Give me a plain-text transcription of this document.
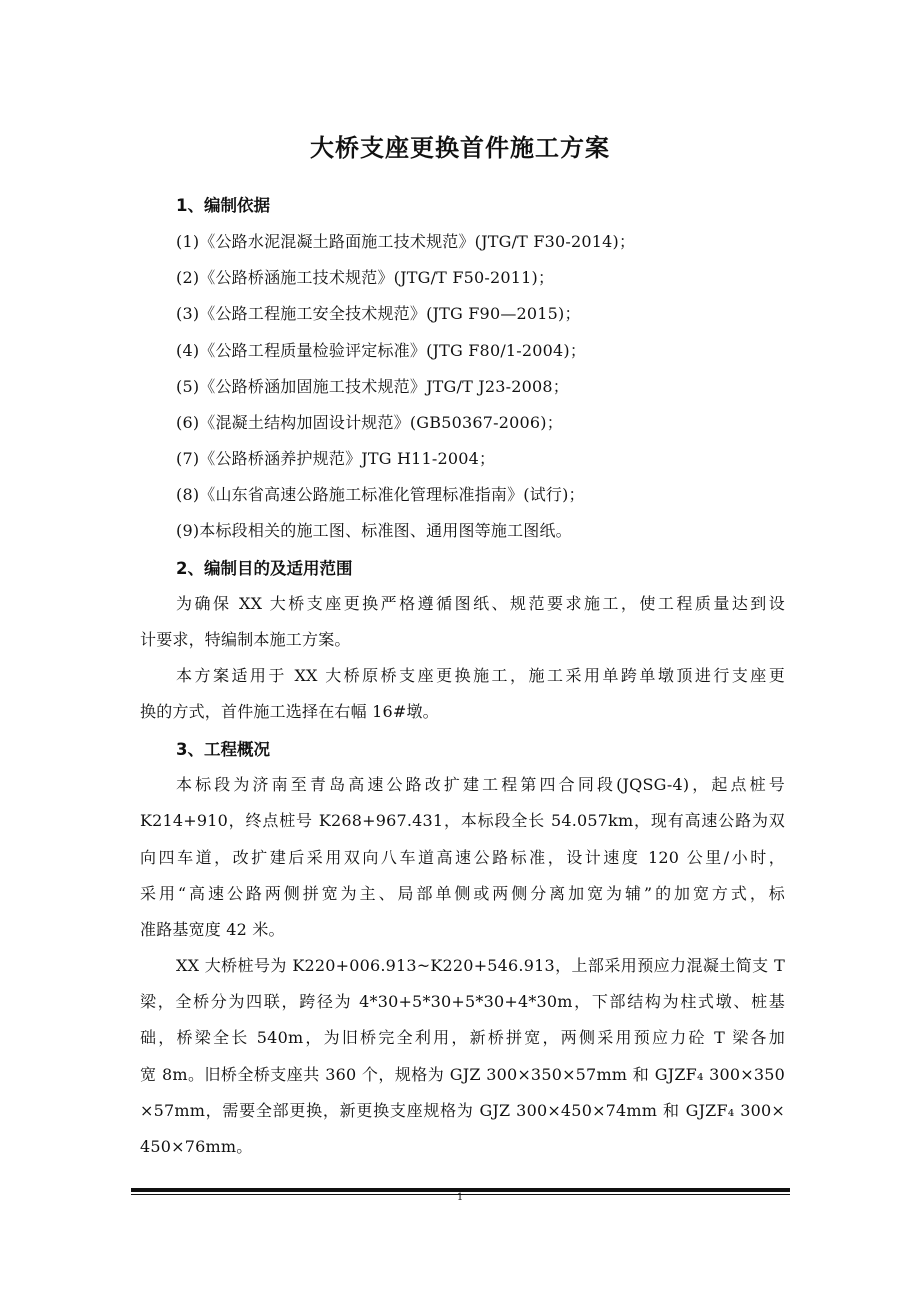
大桥支座更换首件施工方案
1、编制依据

(1)《公路水泥混凝土路面施工技术规范》(JTG/T F30-2014)；

(2)《公路桥涵施工技术规范》(JTG/T F50-2011)；

(3)《公路工程施工安全技术规范》(JTG F90—2015)；

(4)《公路工程质量检验评定标准》(JTG F80/1-2004)；

(5)《公路桥涵加固施工技术规范》JTG/T J23-2008；

(6)《混凝土结构加固设计规范》(GB50367-2006)；

(7)《公路桥涵养护规范》JTG H11-2004；

(8)《山东省高速公路施工标准化管理标准指南》(试行)；

(9)本标段相关的施工图、标准图、通用图等施工图纸。

2、编制目的及适用范围

为确保 XX 大桥支座更换严格遵循图纸、规范要求施工，使工程质量达到设

计要求，特编制本施工方案。

本方案适用于 XX 大桥原桥支座更换施工，施工采用单跨单墩顶进行支座更

换的方式，首件施工选择在右幅 16#墩。

3、工程概况

本标段为济南至青岛高速公路改扩建工程第四合同段(JQSG-4)，起点桩号

K214+910，终点桩号 K268+967.431，本标段全长 54.057km，现有高速公路为双

向四车道，改扩建后采用双向八车道高速公路标准，设计速度 120 公里/小时，

采用“高速公路两侧拼宽为主、局部单侧或两侧分离加宽为辅”的加宽方式，标

准路基宽度 42 米。

XX 大桥桩号为 K220+006.913~K220+546.913，上部采用预应力混凝土简支 T

梁，全桥分为四联，跨径为 4*30+5*30+5*30+4*30m，下部结构为柱式墩、桩基

础，桥梁全长 540m，为旧桥完全利用，新桥拼宽，两侧采用预应力砼 T 梁各加

宽 8m。旧桥全桥支座共 360 个，规格为 GJZ 300×350×57mm 和 GJZF₄ 300×350

×57mm，需要全部更换，新更换支座规格为 GJZ 300×450×74mm 和 GJZF₄ 300×

450×76mm。

1
